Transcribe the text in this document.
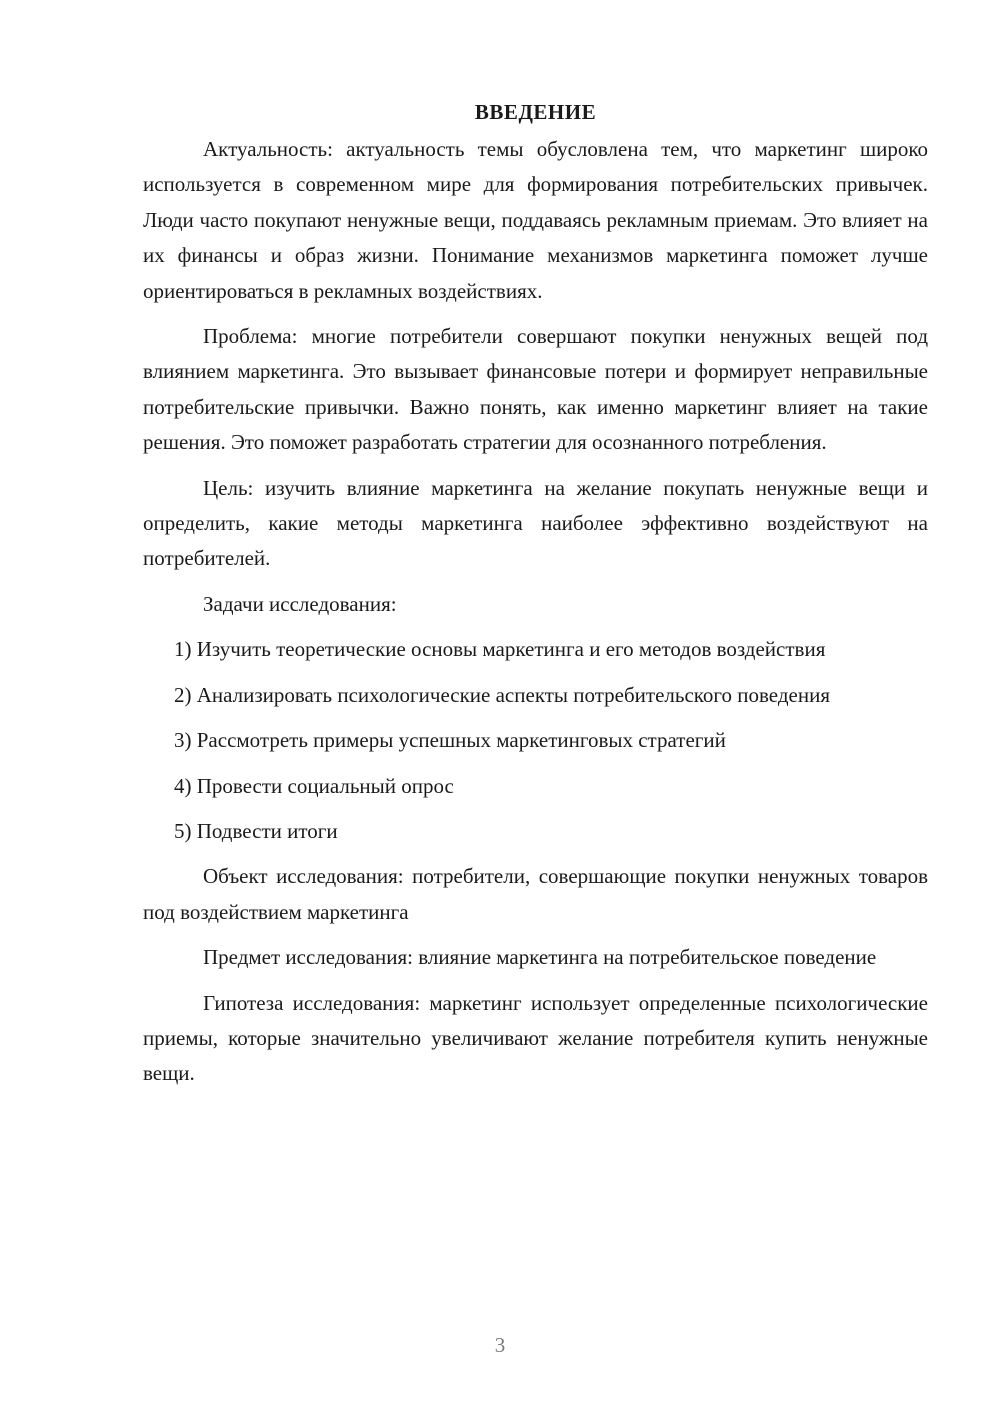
ВВЕДЕНИЕ

Актуальность: актуальность темы обусловлена тем, что маркетинг широко используется в современном мире для формирования потребительских привычек. Люди часто покупают ненужные вещи, поддаваясь рекламным приемам. Это влияет на их финансы и образ жизни. Понимание механизмов маркетинга поможет лучше ориентироваться в рекламных воздействиях.

Проблема: многие потребители совершают покупки ненужных вещей под влиянием маркетинга. Это вызывает финансовые потери и формирует неправильные потребительские привычки. Важно понять, как именно маркетинг влияет на такие решения. Это поможет разработать стратегии для осознанного потребления.

Цель: изучить влияние маркетинга на желание покупать ненужные вещи и определить, какие методы маркетинга наиболее эффективно воздействуют на потребителей.

Задачи исследования:

1) Изучить теоретические основы маркетинга и его методов воздействия

2) Анализировать психологические аспекты потребительского поведения

3) Рассмотреть примеры успешных маркетинговых стратегий

4) Провести социальный опрос

5) Подвести итоги

Объект исследования: потребители, совершающие покупки ненужных товаров под воздействием маркетинга

Предмет исследования: влияние маркетинга на потребительское поведение

Гипотеза исследования: маркетинг использует определенные психологические приемы, которые значительно увеличивают желание потребителя купить ненужные вещи.

3
